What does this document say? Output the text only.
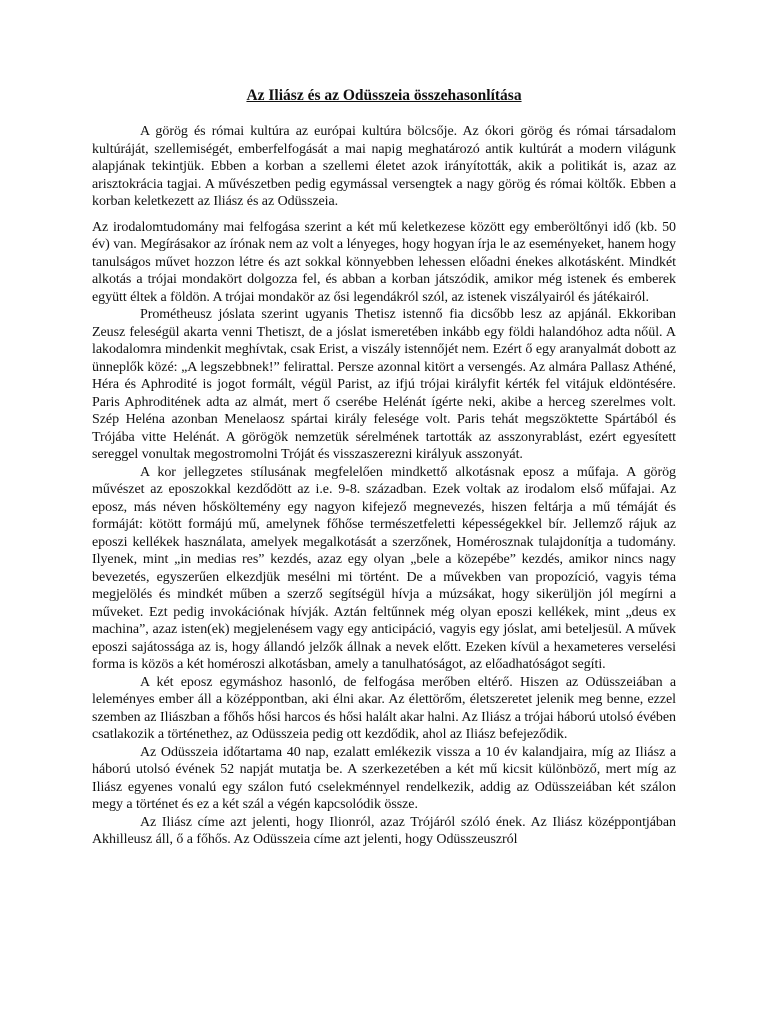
Az Iliász és az Odüsszeia összehasonlítása

A görög és római kultúra az európai kultúra bölcsője. Az ókori görög és római társadalom kultúráját, szellemiségét, emberfelfogását a mai napig meghatározó antik kultúrát a modern világunk alapjának tekintjük. Ebben a korban a szellemi életet azok irányították, akik a politikát is, azaz az arisztokrácia tagjai. A művészetben pedig egymással versengtek a nagy görög és római költők. Ebben a korban keletkezett az Iliász és az Odüsszeia.

Az irodalomtudomány mai felfogása szerint a két mű keletkezese között egy emberöltőnyi idő (kb. 50 év) van. Megírásakor az írónak nem az volt a lényeges, hogy hogyan írja le az eseményeket, hanem hogy tanulságos művet hozzon létre és azt sokkal könnyebben lehessen előadni énekes alkotásként. Mindkét alkotás a trójai mondakört dolgozza fel, és abban a korban játszódik, amikor még istenek és emberek együtt éltek a földön. A trójai mondakör az ősi legendákról szól, az istenek viszályairól és játékairól.

Prométheusz jóslata szerint ugyanis Thetisz istennő fia dicsőbb lesz az apjánál. Ekkoriban Zeusz feleségül akarta venni Thetiszt, de a jóslat ismeretében inkább egy földi halandóhoz adta nőül. A lakodalomra mindenkit meghívtak, csak Erist, a viszály istennőjét nem. Ezért ő egy aranyalmát dobott az ünneplők közé: „A legszebbnek!” felirattal. Persze azonnal kitört a versengés. Az almára Pallasz Athéné, Héra és Aphrodité is jogot formált, végül Parist, az ifjú trójai királyfit kérték fel vitájuk eldöntésére. Paris Aphroditének adta az almát, mert ő cserébe Helénát ígérte neki, akibe a herceg szerelmes volt. Szép Heléna azonban Menelaosz spártai király felesége volt. Paris tehát megszöktette Spártából és Trójába vitte Helénát. A görögök nemzetük sérelmének tartották az asszonyrablást, ezért egyesített sereggel vonultak megostromolni Tróját és visszaszerezni királyuk asszonyát.

A kor jellegzetes stílusának megfelelően mindkettő alkotásnak eposz a műfaja. A görög művészet az eposzokkal kezdődött az i.e. 9-8. században. Ezek voltak az irodalom első műfajai. Az eposz, más néven hősköltemény egy nagyon kifejező megnevezés, hiszen feltárja a mű témáját és formáját: kötött formájú mű, amelynek főhőse természetfeletti képességekkel bír. Jellemző rájuk az eposzi kellékek használata, amelyek megalkotását a szerzőnek, Homérosznak tulajdonítja a tudomány. Ilyenek, mint „in medias res” kezdés, azaz egy olyan „bele a közepébe” kezdés, amikor nincs nagy bevezetés, egyszerűen elkezdjük mesélni mi történt. De a művekben van propozíció, vagyis téma megjelölés és mindkét műben a szerző segítségül hívja a múzsákat, hogy sikerüljön jól megírni a műveket. Ezt pedig invokációnak hívják. Aztán feltűnnek még olyan eposzi kellékek, mint „deus ex machina”, azaz isten(ek) megjelenésem vagy egy anticipáció, vagyis egy jóslat, ami beteljesül. A művek eposzi sajátossága az is, hogy állandó jelzők állnak a nevek előtt. Ezeken kívül a hexameteres verselési forma is közös a két homéroszi alkotásban, amely a tanulhatóságot, az előadhatóságot segíti.

A két eposz egymáshoz hasonló, de felfogása merőben eltérő. Hiszen az Odüsszeiában a leleményes ember áll a középpontban, aki élni akar. Az élettörőm, életszeretet jelenik meg benne, ezzel szemben az Iliászban a főhős hősi harcos és hősi halált akar halni. Az Iliász a trójai háború utolsó évében csatlakozik a történethez, az Odüsszeia pedig ott kezdődik, ahol az Iliász befejeződik.

Az Odüsszeia időtartama 40 nap, ezalatt emlékezik vissza a 10 év kalandjaira, míg az Iliász a háború utolsó évének 52 napját mutatja be. A szerkezetében a két mű kicsit különböző, mert míg az Iliász egyenes vonalú egy szálon futó cselekménnyel rendelkezik, addig az Odüsszeiában két szálon megy a történet és ez a két szál a végén kapcsolódik össze.

Az Iliász címe azt jelenti, hogy Ilionról, azaz Trójáról szóló ének. Az Iliász középpontjában Akhilleusz áll, ő a főhős. Az Odüsszeia címe azt jelenti, hogy Odüsszeuszról
